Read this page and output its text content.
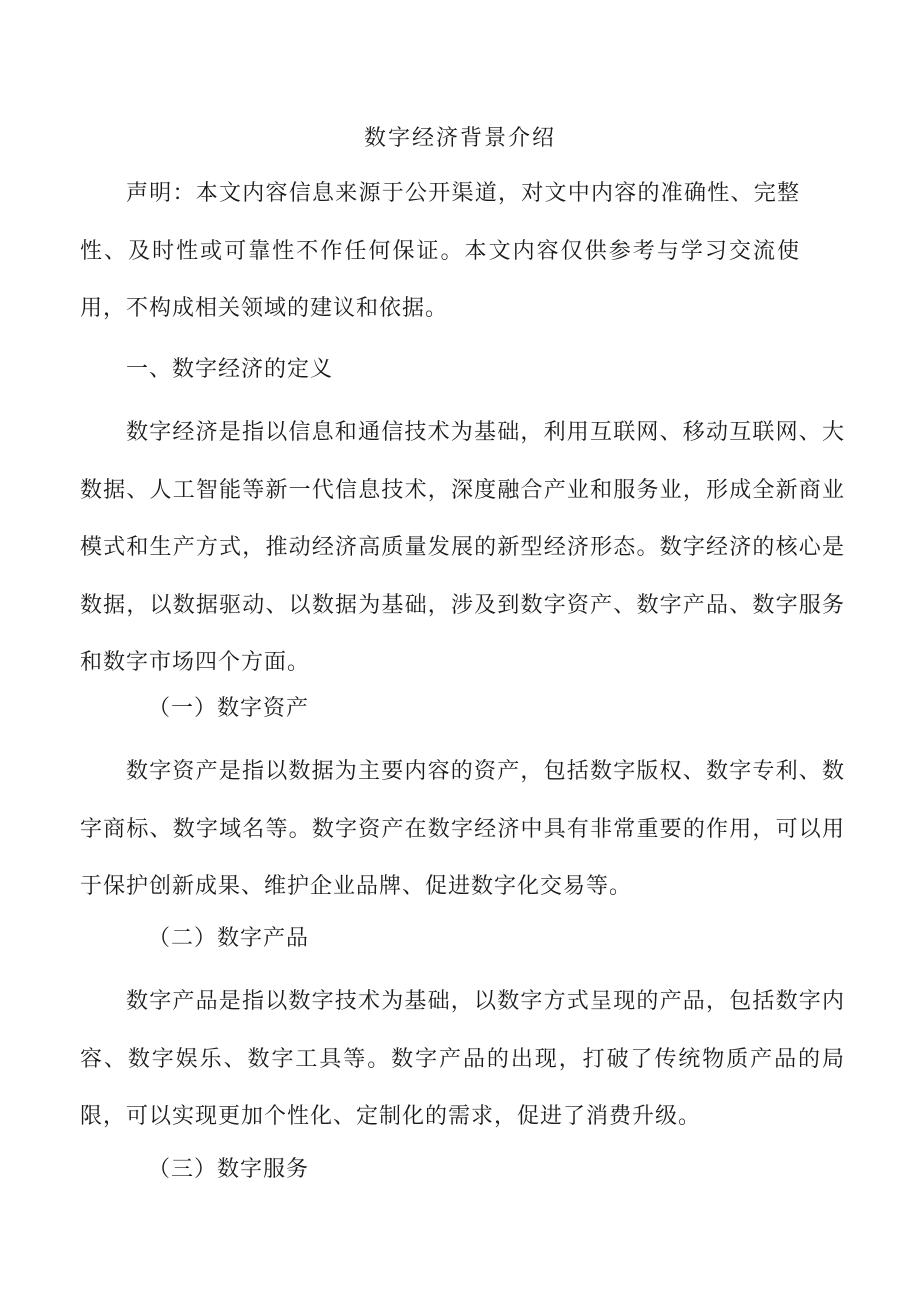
数字经济背景介绍

声明：本文内容信息来源于公开渠道，对文中内容的准确性、完整性、及时性或可靠性不作任何保证。本文内容仅供参考与学习交流使用，不构成相关领域的建议和依据。

一、数字经济的定义

数字经济是指以信息和通信技术为基础，利用互联网、移动互联网、大数据、人工智能等新一代信息技术，深度融合产业和服务业，形成全新商业模式和生产方式，推动经济高质量发展的新型经济形态。数字经济的核心是数据，以数据驱动、以数据为基础，涉及到数字资产、数字产品、数字服务和数字市场四个方面。

（一）数字资产

数字资产是指以数据为主要内容的资产，包括数字版权、数字专利、数字商标、数字域名等。数字资产在数字经济中具有非常重要的作用，可以用于保护创新成果、维护企业品牌、促进数字化交易等。

（二）数字产品

数字产品是指以数字技术为基础，以数字方式呈现的产品，包括数字内容、数字娱乐、数字工具等。数字产品的出现，打破了传统物质产品的局限，可以实现更加个性化、定制化的需求，促进了消费升级。

（三）数字服务
